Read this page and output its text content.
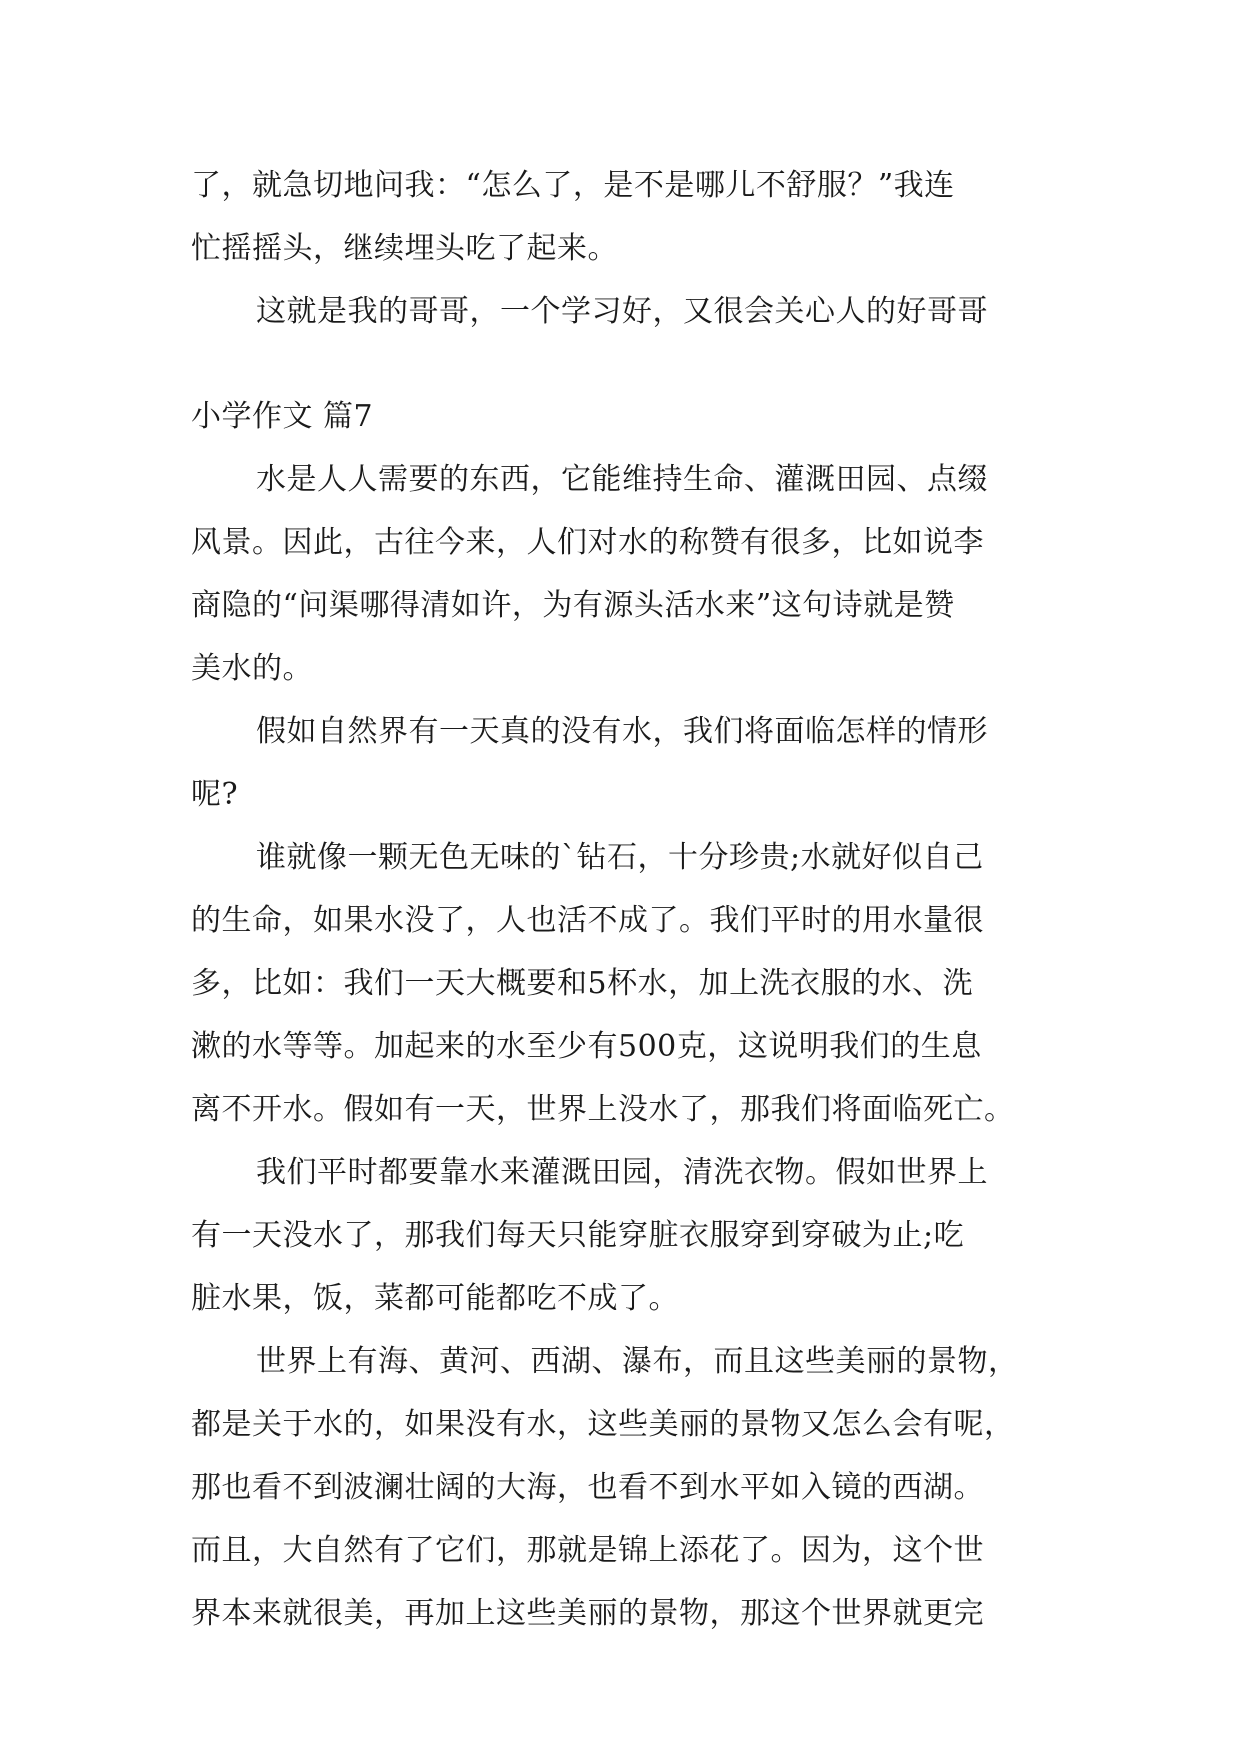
了，就急切地问我：“怎么了，是不是哪儿不舒服？”我连
忙摇摇头，继续埋头吃了起来。
这就是我的哥哥，一个学习好，又很会关心人的好哥哥
小学作文 篇7
水是人人需要的东西，它能维持生命、灌溉田园、点缀
风景。因此，古往今来，人们对水的称赞有很多，比如说李
商隐的“问渠哪得清如许，为有源头活水来”这句诗就是赞
美水的。
假如自然界有一天真的没有水，我们将面临怎样的情形
呢?
谁就像一颗无色无味的`钻石，十分珍贵;水就好似自己
的生命，如果水没了，人也活不成了。我们平时的用水量很
多，比如：我们一天大概要和5杯水，加上洗衣服的水、洗
漱的水等等。加起来的水至少有500克，这说明我们的生息
离不开水。假如有一天，世界上没水了，那我们将面临死亡。
我们平时都要靠水来灌溉田园，清洗衣物。假如世界上
有一天没水了，那我们每天只能穿脏衣服穿到穿破为止;吃
脏水果，饭，菜都可能都吃不成了。
世界上有海、黄河、西湖、瀑布，而且这些美丽的景物，
都是关于水的，如果没有水，这些美丽的景物又怎么会有呢，
那也看不到波澜壮阔的大海，也看不到水平如入镜的西湖。
而且，大自然有了它们，那就是锦上添花了。因为，这个世
界本来就很美，再加上这些美丽的景物，那这个世界就更完
